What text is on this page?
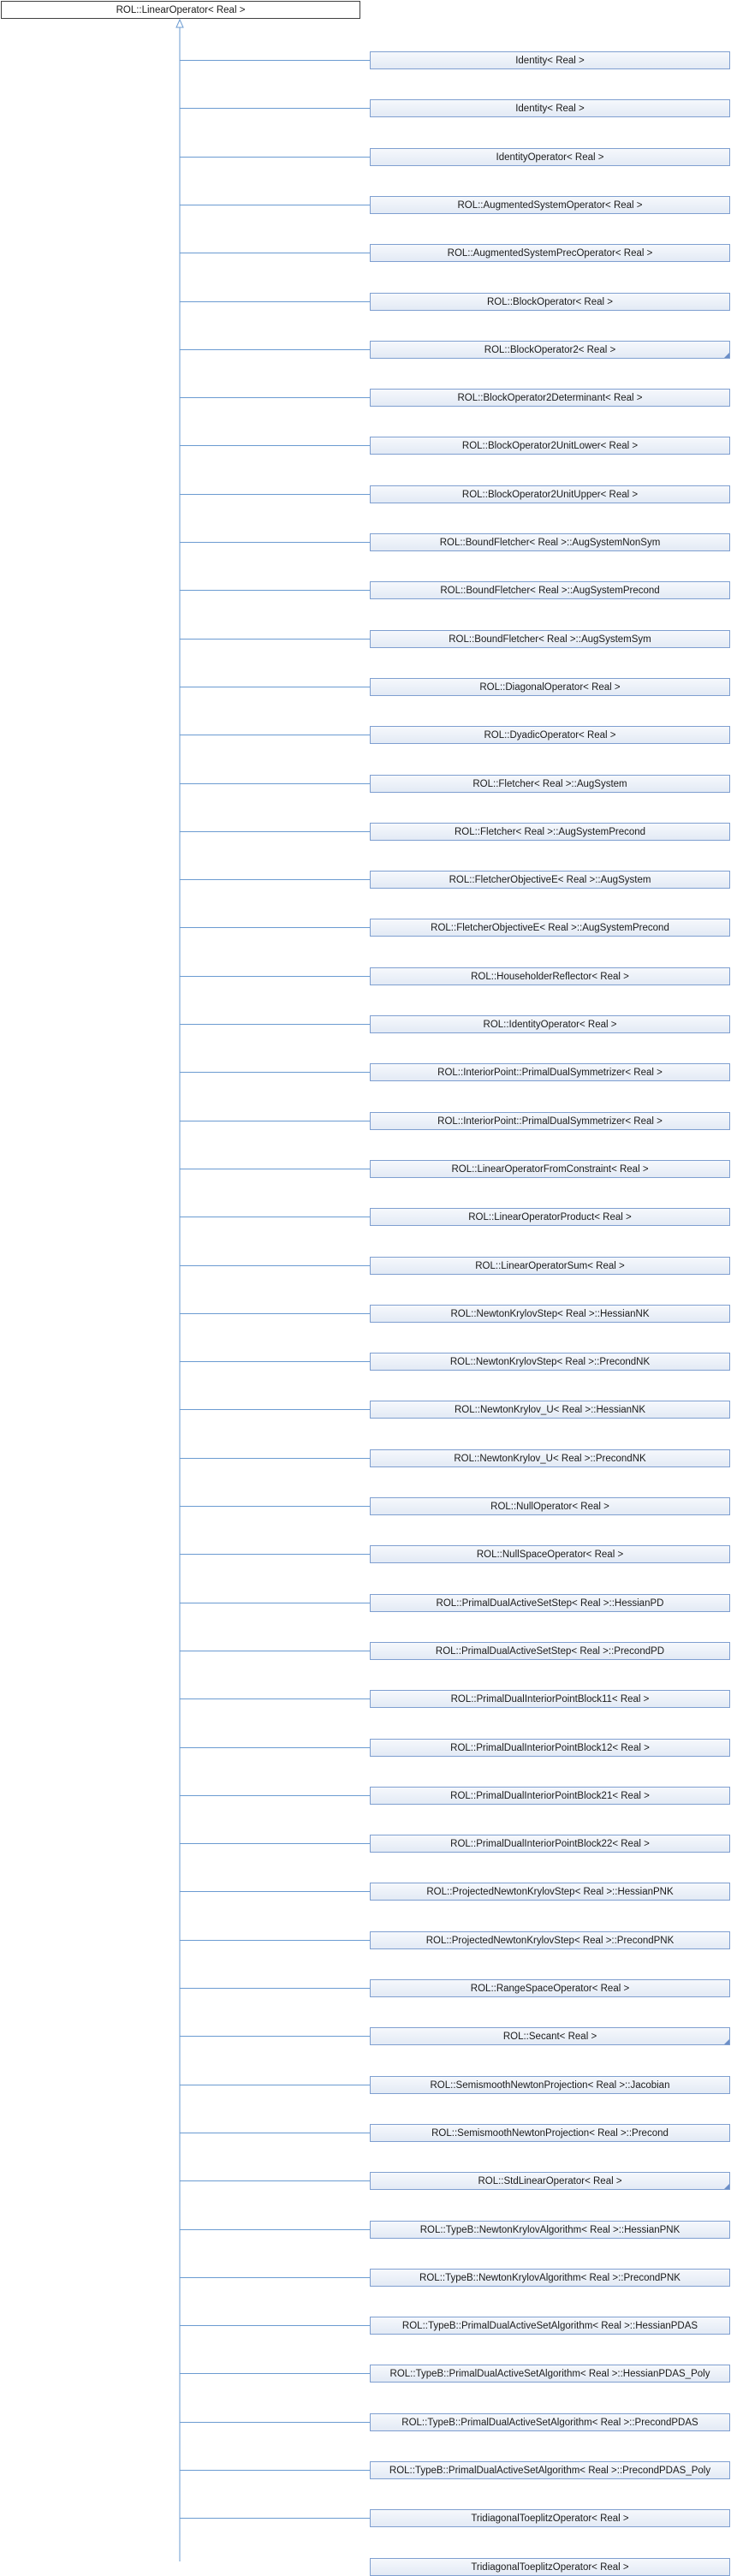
ROL::LinearOperator< Real >
Identity< Real >
Identity< Real >
IdentityOperator< Real >
ROL::AugmentedSystemOperator< Real >
ROL::AugmentedSystemPrecOperator< Real >
ROL::BlockOperator< Real >
ROL::BlockOperator2< Real >
ROL::BlockOperator2Determinant< Real >
ROL::BlockOperator2UnitLower< Real >
ROL::BlockOperator2UnitUpper< Real >
ROL::BoundFletcher< Real >::AugSystemNonSym
ROL::BoundFletcher< Real >::AugSystemPrecond
ROL::BoundFletcher< Real >::AugSystemSym
ROL::DiagonalOperator< Real >
ROL::DyadicOperator< Real >
ROL::Fletcher< Real >::AugSystem
ROL::Fletcher< Real >::AugSystemPrecond
ROL::FletcherObjectiveE< Real >::AugSystem
ROL::FletcherObjectiveE< Real >::AugSystemPrecond
ROL::HouseholderReflector< Real >
ROL::IdentityOperator< Real >
ROL::InteriorPoint::PrimalDualSymmetrizer< Real >
ROL::InteriorPoint::PrimalDualSymmetrizer< Real >
ROL::LinearOperatorFromConstraint< Real >
ROL::LinearOperatorProduct< Real >
ROL::LinearOperatorSum< Real >
ROL::NewtonKrylovStep< Real >::HessianNK
ROL::NewtonKrylovStep< Real >::PrecondNK
ROL::NewtonKrylov_U< Real >::HessianNK
ROL::NewtonKrylov_U< Real >::PrecondNK
ROL::NullOperator< Real >
ROL::NullSpaceOperator< Real >
ROL::PrimalDualActiveSetStep< Real >::HessianPD
ROL::PrimalDualActiveSetStep< Real >::PrecondPD
ROL::PrimalDualInteriorPointBlock11< Real >
ROL::PrimalDualInteriorPointBlock12< Real >
ROL::PrimalDualInteriorPointBlock21< Real >
ROL::PrimalDualInteriorPointBlock22< Real >
ROL::ProjectedNewtonKrylovStep< Real >::HessianPNK
ROL::ProjectedNewtonKrylovStep< Real >::PrecondPNK
ROL::RangeSpaceOperator< Real >
ROL::Secant< Real >
ROL::SemismoothNewtonProjection< Real >::Jacobian
ROL::SemismoothNewtonProjection< Real >::Precond
ROL::StdLinearOperator< Real >
ROL::TypeB::NewtonKrylovAlgorithm< Real >::HessianPNK
ROL::TypeB::NewtonKrylovAlgorithm< Real >::PrecondPNK
ROL::TypeB::PrimalDualActiveSetAlgorithm< Real >::HessianPDAS
ROL::TypeB::PrimalDualActiveSetAlgorithm< Real >::HessianPDAS_Poly
ROL::TypeB::PrimalDualActiveSetAlgorithm< Real >::PrecondPDAS
ROL::TypeB::PrimalDualActiveSetAlgorithm< Real >::PrecondPDAS_Poly
TridiagonalToeplitzOperator< Real >
TridiagonalToeplitzOperator< Real >
